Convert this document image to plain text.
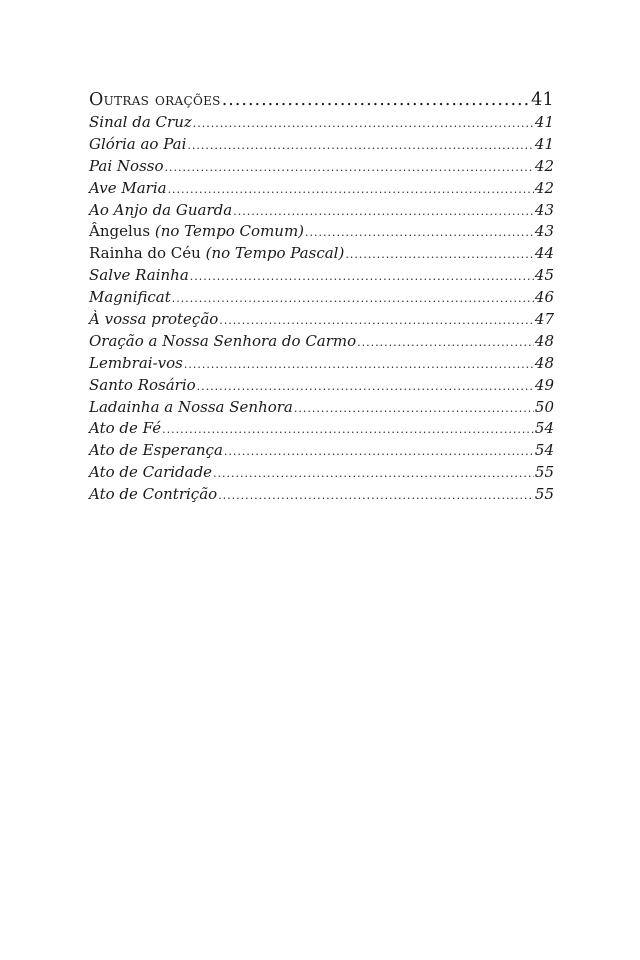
Outras orações .....	41
Sinal da Cruz .....	41
Glória ao Pai .....	41
Pai Nosso .....	42
Ave Maria .....	42
Ao Anjo da Guarda .....	43
Ângelus (no Tempo Comum) .....	43
Rainha do Céu (no Tempo Pascal) .....	44
Salve Rainha .....	45
Magnificat .....	46
À vossa proteção .....	47
Oração a Nossa Senhora do Carmo .....	48
Lembrai-vos .....	48
Santo Rosário .....	49
Ladainha a Nossa Senhora .....	50
Ato de Fé .....	54
Ato de Esperança .....	54
Ato de Caridade .....	55
Ato de Contrição .....	55
